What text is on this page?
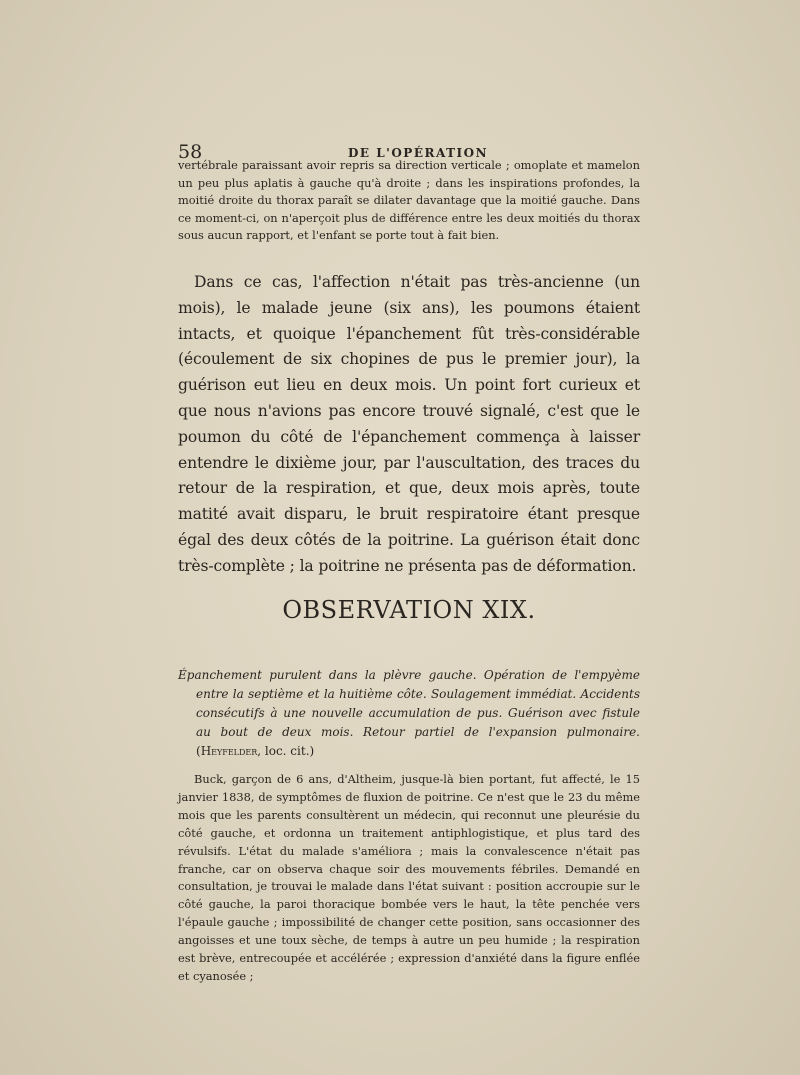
58	DE L'OPÉRATION

vertébrale paraissant avoir repris sa direction verticale ; omoplate et mamelon un peu plus aplatis à gauche qu'à droite ; dans les inspirations profondes, la moitié droite du thorax paraît se dilater davantage que la moitié gauche. Dans ce moment-ci, on n'aperçoit plus de différence entre les deux moitiés du thorax sous aucun rapport, et l'enfant se porte tout à fait bien.

Dans ce cas, l'affection n'était pas très-ancienne (un mois), le malade jeune (six ans), les poumons étaient intacts, et quoique l'épanchement fût très-considérable (écoulement de six chopines de pus le premier jour), la guérison eut lieu en deux mois. Un point fort curieux et que nous n'avions pas encore trouvé signalé, c'est que le poumon du côté de l'épanchement commença à laisser entendre le dixième jour, par l'auscultation, des traces du retour de la respiration, et que, deux mois après, toute matité avait disparu, le bruit respiratoire étant presque égal des deux côtés de la poitrine. La guérison était donc très-complète ; la poitrine ne présenta pas de déformation.

OBSERVATION XIX.

Épanchement purulent dans la plèvre gauche. Opération de l'empyème entre la septième et la huitième côte. Soulagement immédiat. Accidents consécutifs à une nouvelle accumulation de pus. Guérison avec fistule au bout de deux mois. Retour partiel de l'expansion pulmonaire. (Heyfelder, loc. cit.)

Buck, garçon de 6 ans, d'Altheim, jusque-là bien portant, fut affecté, le 15 janvier 1838, de symptômes de fluxion de poitrine. Ce n'est que le 23 du même mois que les parents consultèrent un médecin, qui reconnut une pleurésie du côté gauche, et ordonna un traitement antiphlogistique, et plus tard des révulsifs. L'état du malade s'améliora ; mais la convalescence n'était pas franche, car on observa chaque soir des mouvements fébriles. Demandé en consultation, je trouvai le malade dans l'état suivant : position accroupie sur le côté gauche, la paroi thoracique bombée vers le haut, la tête penchée vers l'épaule gauche ; impossibilité de changer cette position, sans occasionner des angoisses et une toux sèche, de temps à autre un peu humide ; la respiration est brève, entrecoupée et accélérée ; expression d'anxiété dans la figure enflée et cyanosée ;
